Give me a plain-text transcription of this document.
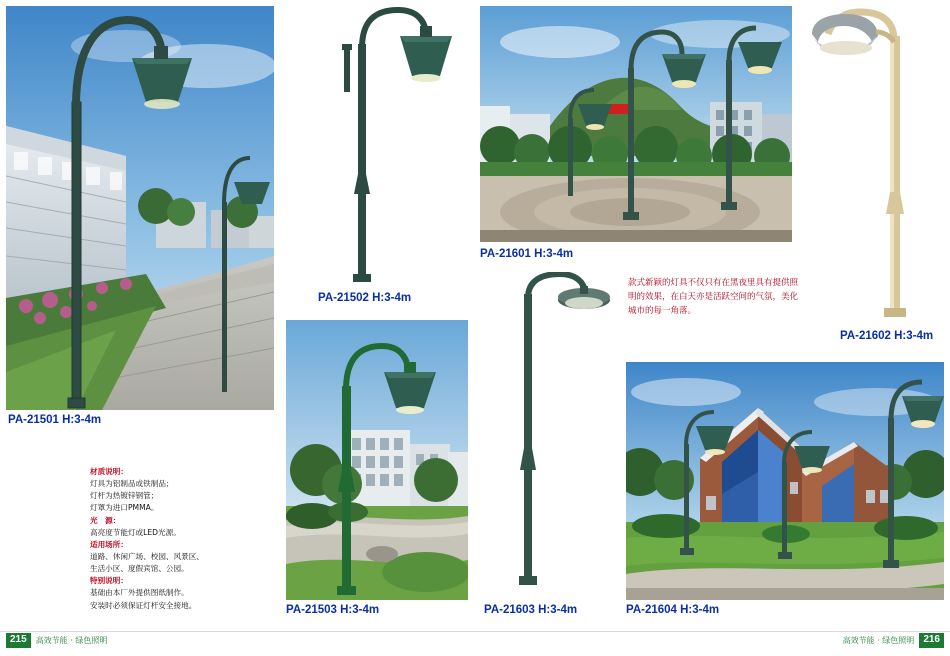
PA-21501 H:3-4m
PA-21502 H:3-4m
PA-21503 H:3-4m
PA-21601 H:3-4m
款式新颖的灯具不仅只有在黑夜里具有提供照明的效果，在白天亦是活跃空间的气氛，美化城市的每一角落。
PA-21602 H:3-4m
PA-21603 H:3-4m	PA-21604 H:3-4m
材质说明：
灯具为铝制品或铁制品；
灯杆为热镀锌钢管；
灯罩为进口PMMA。
光　源：
高亮度节能灯或LED光源。
适用场所：
道路、休闲广场、校园、风景区、
生活小区、度假宾馆、公园。
特别说明：
基础由本厂外提供图纸制作。
安装时必须保证灯杆安全接地。
215	高效节能 · 绿色照明	216
高效节能 · 绿色照明
